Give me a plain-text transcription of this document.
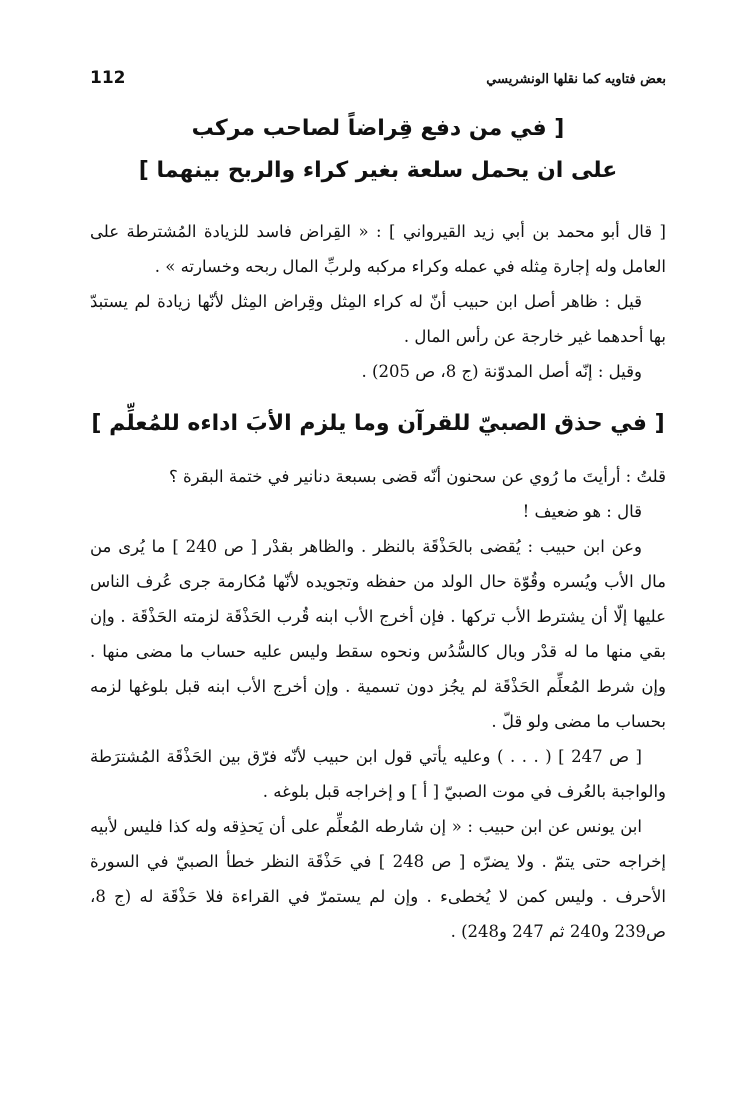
بعض فتاويه كما نقلها الونشريسي
112
[ في من دفع قِراضاً لصاحب مركب
على ان يحمل سلعة بغير كراء والربح بينهما ]

[ قال أبو محمد بن أبي زيد القيرواني ] : « القِراض فاسد للزيادة المُشترطة على العامل وله إجارة مِثله في عمله وكراء مركبه ولربِّ المال ربحه وخسارته » .

قيل : ظاهر أصل ابن حبيب أنّ له كراء المِثل وقِراض المِثل لأنّها زيادة لم يستبدّ بها أحدهما غير خارجة عن رأس المال .

وقيل : إنّه أصل المدوّنة (ج 8، ص 205) .

[ في حذق الصبيّ للقرآن وما يلزم الأبَ اداءه للمُعلِّم ]

قلتُ : أرأيتَ ما رُوي عن سحنون أنّه قضى بسبعة دنانير في ختمة البقرة ؟

قال : هو ضعيف !

وعن ابن حبيب : يُقضى بالحَذْقَة بالنظر . والظاهر بقدْر [ ص 240 ] ما يُرى من مال الأب ويُسره وقُوّة حال الولد من حفظه وتجويده لأنّها مُكارمة جرى عُرف الناس عليها إلّا أن يشترط الأب تركها . فإن أخرج الأب ابنه قُرب الحَذْقَة لزمته الحَذْقَة . وإن بقي منها ما له قدْر وبال كالسُّدُس ونحوه سقط وليس عليه حساب ما مضى منها . وإن شرط المُعلِّم الحَذْقَة لم يجُز دون تسمية . وإن أخرج الأب ابنه قبل بلوغها لزمه بحساب ما مضى ولو قلّ .

[ ص 247 ] ( . . . ) وعليه يأتي قول ابن حبيب لأنّه فرّق بين الحَذْقَة المُشترَطة والواجبة بالعُرف في موت الصبيّ [ أ ] و إخراجه قبل بلوغه .

ابن يونس عن ابن حبيب : « إن شارطه المُعلِّم على أن يَحذِقه وله كذا فليس لأبيه إخراجه حتى يتمّ . ولا يضرّه [ ص 248 ] في حَذْقَة النظر خطأ الصبيّ في السورة الأحرف . وليس كمن لا يُخطىء . وإن لم يستمرّ في القراءة فلا حَذْقَة له (ج 8، ص239 و240 ثم 247 و248) .
